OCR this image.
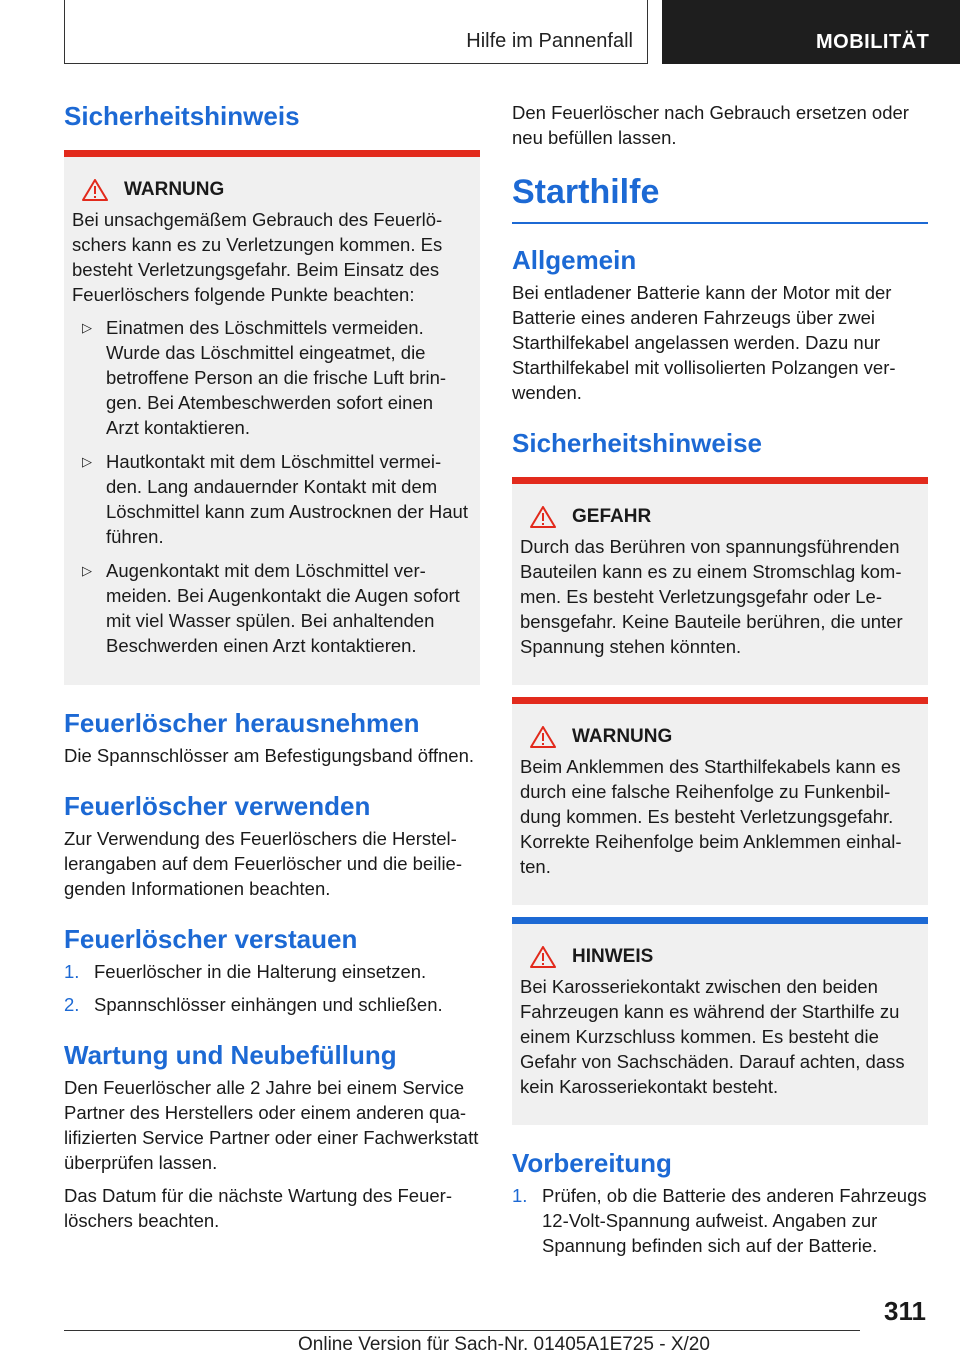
Hilfe im Pannenfall	MOBILITÄT
Sicherheitshinweis
WARNUNG

Bei unsachgemäßem Gebrauch des Feuerlöschers kann es zu Verletzungen kommen. Es besteht Verletzungsgefahr. Beim Einsatz des Feuerlöschers folgende Punkte beachten:

▷ Einatmen des Löschmittels vermeiden. Wurde das Löschmittel eingeatmet, die betroffene Person an die frische Luft bringen. Bei Atembeschwerden sofort einen Arzt kontaktieren.
▷ Hautkontakt mit dem Löschmittel vermeiden. Lang andauernder Kontakt mit dem Löschmittel kann zum Austrocknen der Haut führen.
▷ Augenkontakt mit dem Löschmittel vermeiden. Bei Augenkontakt die Augen sofort mit viel Wasser spülen. Bei anhaltenden Beschwerden einen Arzt kontaktieren.
Feuerlöscher herausnehmen

Die Spannschlösser am Befestigungsband öffnen.

Feuerlöscher verwenden

Zur Verwendung des Feuerlöschers die Herstellerangaben auf dem Feuerlöscher und die beiliegenden Informationen beachten.

Feuerlöscher verstauen
1. Feuerlöscher in die Halterung einsetzen.
2. Spannschlösser einhängen und schließen.
Wartung und Neubefüllung

Den Feuerlöscher alle 2 Jahre bei einem Service Partner des Herstellers oder einem anderen qualifizierten Service Partner oder einer Fachwerkstatt überprüfen lassen.

Das Datum für die nächste Wartung des Feuerlöschers beachten.

Den Feuerlöscher nach Gebrauch ersetzen oder neu befüllen lassen.

Starthilfe
Allgemein

Bei entladener Batterie kann der Motor mit der Batterie eines anderen Fahrzeugs über zwei Starthilfekabel angelassen werden. Dazu nur Starthilfekabel mit vollisolierten Polzangen verwenden.

Sicherheitshinweise
GEFAHR

Durch das Berühren von spannungsführenden Bauteilen kann es zu einem Stromschlag kommen. Es besteht Verletzungsgefahr oder Lebensgefahr. Keine Bauteile berühren, die unter Spannung stehen könnten.

WARNUNG

Beim Anklemmen des Starthilfekabels kann es durch eine falsche Reihenfolge zu Funkenbildung kommen. Es besteht Verletzungsgefahr. Korrekte Reihenfolge beim Anklemmen einhalten.

HINWEIS

Bei Karosseriekontakt zwischen den beiden Fahrzeugen kann es während der Starthilfe zu einem Kurzschluss kommen. Es besteht die Gefahr von Sachschäden. Darauf achten, dass kein Karosseriekontakt besteht.

Vorbereitung
1. Prüfen, ob die Batterie des anderen Fahrzeugs 12-Volt-Spannung aufweist. Angaben zur Spannung befinden sich auf der Batterie.
311
Online Version für Sach-Nr. 01405A1E725 - X/20
